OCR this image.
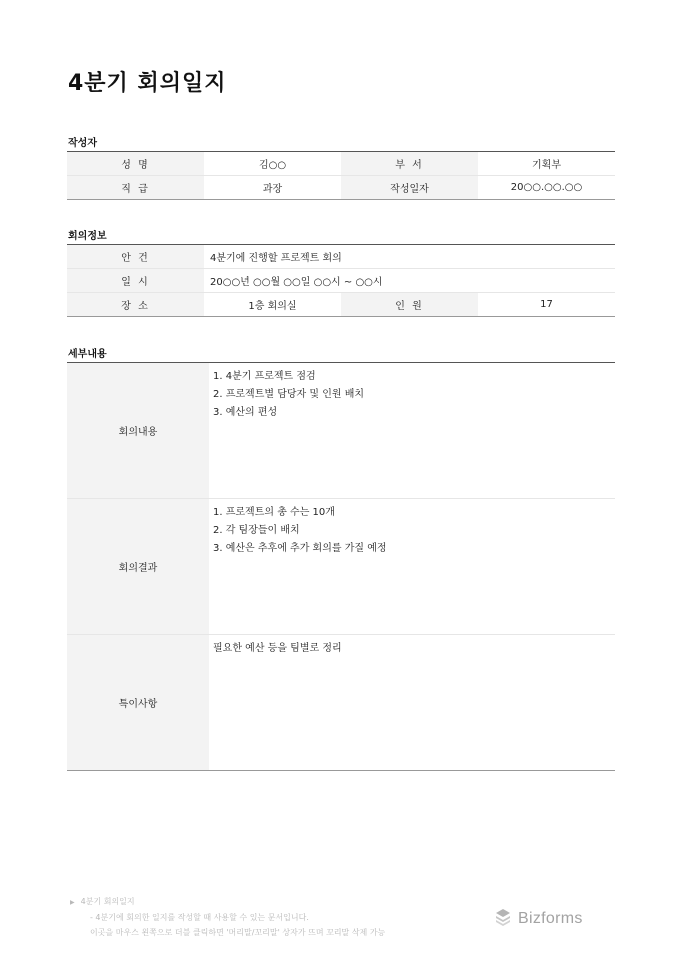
4분기 회의일지
작성자
성 명	김○○	부 서	기획부
직 급	과장	작성일자	20○○.○○.○○
회의정보
안 건	4분기에 진행할 프로젝트 회의		
일 시	20○○년 ○○월 ○○일 ○○시 ~ ○○시		
장 소	1층 회의실	인 원	17
세부내용
회의내용	1. 4분기 프로젝트 점검
2. 프로젝트별 담당자 및 인원 배치
3. 예산의 편성

회의결과	1. 프로젝트의 총 수는 10개
2. 각 팀장들이 배치
3. 예산은 추후에 추가 회의를 가질 예정

특이사항	필요한 예산 등을 팀별로 정리
▶ 4분기 회의일지
- 4분기에 회의한 일지를 작성할 때 사용할 수 있는 문서입니다.
이곳을 마우스 왼쪽으로 더블 클릭하면 '머리말/꼬리말' 상자가 뜨며 꼬리말 삭제 가능
Bizforms
